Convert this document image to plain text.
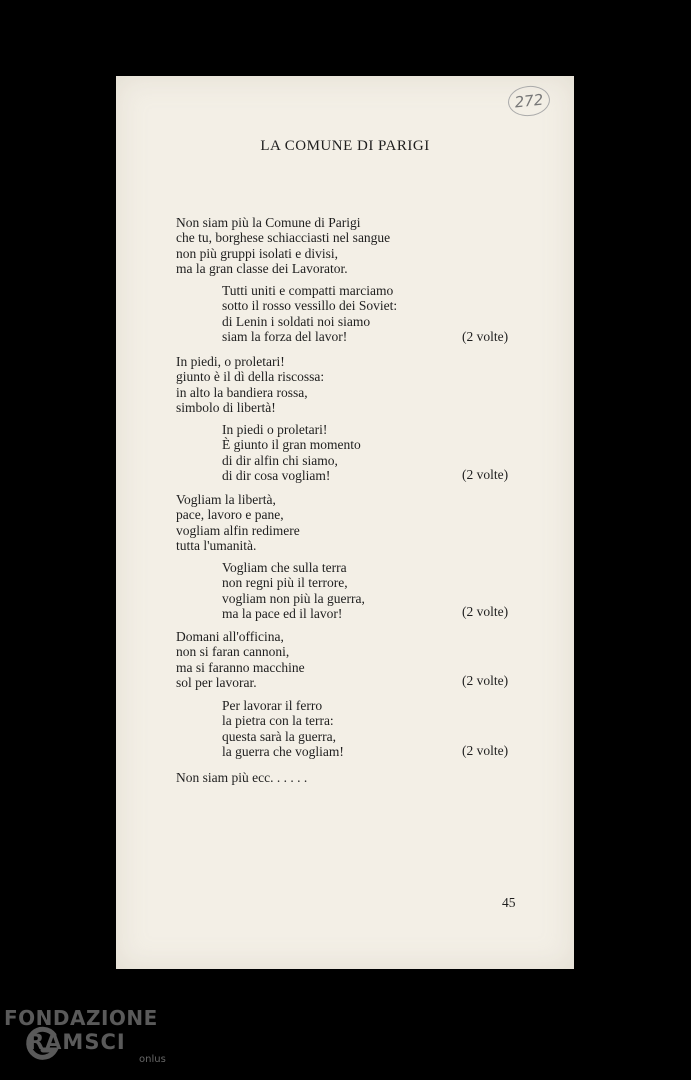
272
LA COMUNE DI PARIGI
Non siam più la Comune di Parigi
che tu, borghese schiacciasti nel sangue
non più gruppi isolati e divisi,
ma la gran classe dei Lavorator.
Tutti uniti e compatti marciamo
sotto il rosso vessillo dei Soviet:
di Lenin i soldati noi siamo
siam la forza del lavor!	(2 volte)
In piedi, o proletari!
giunto è il dì della riscossa:
in alto la bandiera rossa,
simbolo di libertà!
In piedi o proletari!
È giunto il gran momento
di dir alfin chi siamo,
di dir cosa vogliam!	(2 volte)
Vogliam la libertà,
pace, lavoro e pane,
vogliam alfin redimere
tutta l'umanità.
Vogliam che sulla terra
non regni più il terrore,
vogliam non più la guerra,
ma la pace ed il lavor!	(2 volte)
Domani all'officina,
non si faran cannoni,
ma si faranno macchine
sol per lavorar.	(2 volte)
Per lavorar il ferro
la pietra con la terra:
questa sarà la guerra,
la guerra che vogliam!	(2 volte)
Non siam più ecc. . . . . .
45
FONDAZIONE
RAMSCI
onlus
